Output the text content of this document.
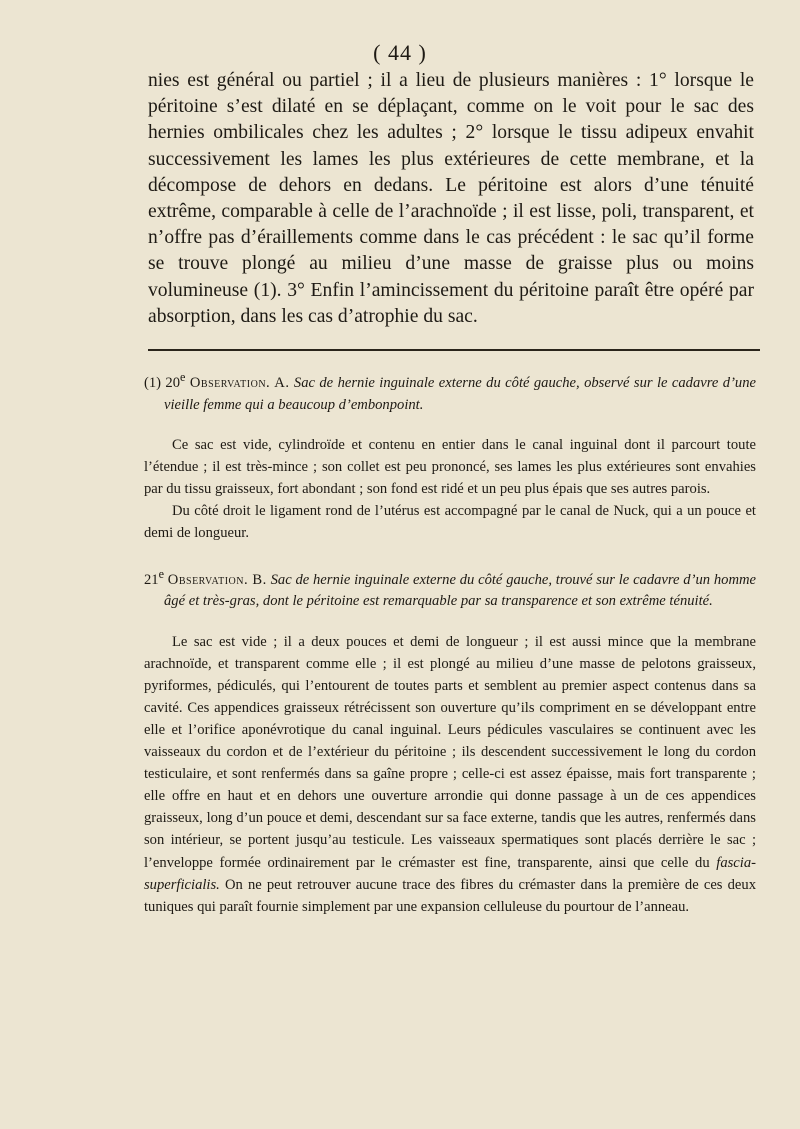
( 44 )

nies est général ou partiel ; il a lieu de plusieurs manières : 1° lorsque le péritoine s’est dilaté en se déplaçant, comme on le voit pour le sac des hernies ombilicales chez les adultes ; 2° lorsque le tissu adipeux envahit successivement les lames les plus extérieures de cette membrane, et la décompose de dehors en dedans. Le péritoine est alors d’une ténuité extrême, comparable à celle de l’arachnoïde ; il est lisse, poli, transparent, et n’offre pas d’éraillements comme dans le cas précédent : le sac qu’il forme se trouve plongé au milieu d’une masse de graisse plus ou moins volumineuse (1). 3° Enfin l’amincissement du péritoine paraît être opéré par absorption, dans les cas d’atrophie du sac.

(1) 20e Observation. A. Sac de hernie inguinale externe du côté gauche, observé sur le cadavre d’une vieille femme qui a beaucoup d’embonpoint.

Ce sac est vide, cylindroïde et contenu en entier dans le canal inguinal dont il parcourt toute l’étendue ; il est très-mince ; son collet est peu prononcé, ses lames les plus extérieures sont envahies par du tissu graisseux, fort abondant ; son fond est ridé et un peu plus épais que ses autres parois.

Du côté droit le ligament rond de l’utérus est accompagné par le canal de Nuck, qui a un pouce et demi de longueur.

21e Observation. B. Sac de hernie inguinale externe du côté gauche, trouvé sur le cadavre d’un homme âgé et très-gras, dont le péritoine est remarquable par sa transparence et son extrême ténuité.

Le sac est vide ; il a deux pouces et demi de longueur ; il est aussi mince que la membrane arachnoïde, et transparent comme elle ; il est plongé au milieu d’une masse de pelotons graisseux, pyriformes, pédiculés, qui l’entourent de toutes parts et semblent au premier aspect contenus dans sa cavité. Ces appendices graisseux rétrécissent son ouverture qu’ils compriment en se développant entre elle et l’orifice aponévrotique du canal inguinal. Leurs pédicules vasculaires se continuent avec les vaisseaux du cordon et de l’extérieur du péritoine ; ils descendent successivement le long du cordon testiculaire, et sont renfermés dans sa gaîne propre ; celle-ci est assez épaisse, mais fort transparente ; elle offre en haut et en dehors une ouverture arrondie qui donne passage à un de ces appendices graisseux, long d’un pouce et demi, descendant sur sa face externe, tandis que les autres, renfermés dans son intérieur, se portent jusqu’au testicule. Les vaisseaux spermatiques sont placés derrière le sac ; l’enveloppe formée ordinairement par le crémaster est fine, transparente, ainsi que celle du fascia-superficialis. On ne peut retrouver aucune trace des fibres du crémaster dans la première de ces deux tuniques qui paraît fournie simplement par une expansion celluleuse du pourtour de l’anneau.
